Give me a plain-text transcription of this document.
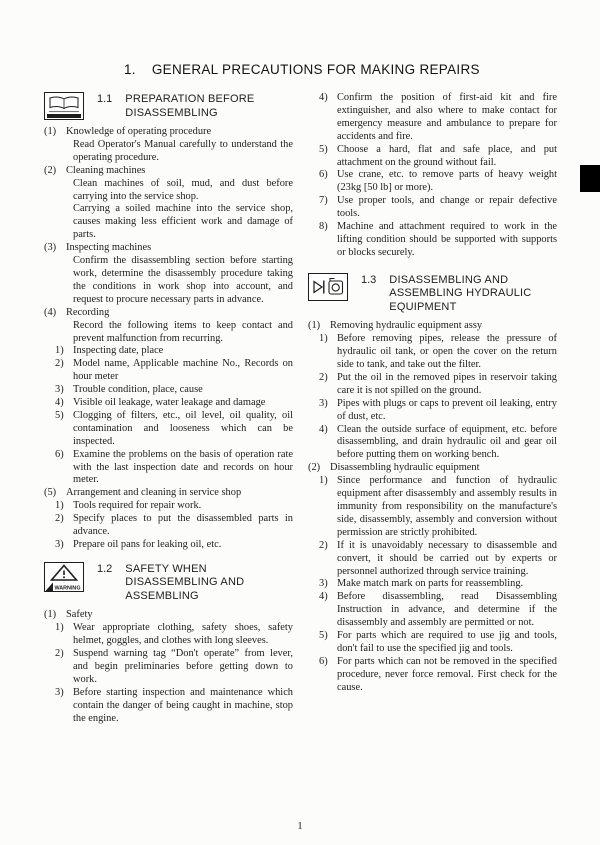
1. GENERAL PRECAUTIONS FOR MAKING REPAIRS
1.1 PREPARATION BEFORE
DISASSEMBLING
(1) Knowledge of operating procedure
Read Operator's Manual carefully to understand the operating procedure.
(2) Cleaning machines
Clean machines of soil, mud, and dust before carrying into the service shop.
Carrying a soiled machine into the service shop, causes making less efficient work and damage of parts.
(3) Inspecting machines
Confirm the disassembling section before starting work, determine the disassembly procedure taking the conditions in work shop into account, and request to procure necessary parts in advance.
(4) Recording
Record the following items to keep contact and prevent malfunction from recurring.
1) Inspecting date, place
2) Model name, Applicable machine No., Records on hour meter
3) Trouble condition, place, cause
4) Visible oil leakage, water leakage and damage
5) Clogging of filters, etc., oil level, oil quality, oil contamination and looseness which can be inspected.
6) Examine the problems on the basis of operation rate with the last inspection date and records on hour meter.
(5) Arrangement and cleaning in service shop
1) Tools required for repair work.
2) Specify places to put the disassembled parts in advance.
3) Prepare oil pans for leaking oil, etc.
WARNING
1.2 SAFETY WHEN
DISASSEMBLING AND
ASSEMBLING
(1) Safety
1) Wear appropriate clothing, safety shoes, safety helmet, goggles, and clothes with long sleeves.
2) Suspend warning tag “Don't operate” from lever, and begin preliminaries before getting down to work.
3) Before starting inspection and maintenance which contain the danger of being caught in machine, stop the engine.
4) Confirm the position of first-aid kit and fire extinguisher, and also where to make contact for emergency measure and ambulance to prepare for accidents and fire.
5) Choose a hard, flat and safe place, and put attachment on the ground without fail.
6) Use crane, etc. to remove parts of heavy weight (23kg [50 lb] or more).
7) Use proper tools, and change or repair defective tools.
8) Machine and attachment required to work in the lifting condition should be supported with supports or blocks securely.
1.3 DISASSEMBLING AND
ASSEMBLING HYDRAULIC
EQUIPMENT
(1) Removing hydraulic equipment assy
1) Before removing pipes, release the pressure of hydraulic oil tank, or open the cover on the return side to tank, and take out the filter.
2) Put the oil in the removed pipes in reservoir taking care it is not spilled on the ground.
3) Pipes with plugs or caps to prevent oil leaking, entry of dust, etc.
4) Clean the outside surface of equipment, etc. before disassembling, and drain hydraulic oil and gear oil before putting them on working bench.
(2) Disassembling hydraulic equipment
1) Since performance and function of hydraulic equipment after disassembly and assembly results in immunity from responsibility on the manufacture's side, disassembly, assembly and conversion without permission are strictly prohibited.
2) If it is unavoidably necessary to disassemble and convert, it should be carried out by experts or personnel authorized through service training.
3) Make match mark on parts for reassembling.
4) Before disassembling, read Disassembling Instruction in advance, and determine if the disassembly and assembly are permitted or not.
5) For parts which are required to use jig and tools, don't fail to use the specified jig and tools.
6) For parts which can not be removed in the specified procedure, never force removal. First check for the cause.
1
